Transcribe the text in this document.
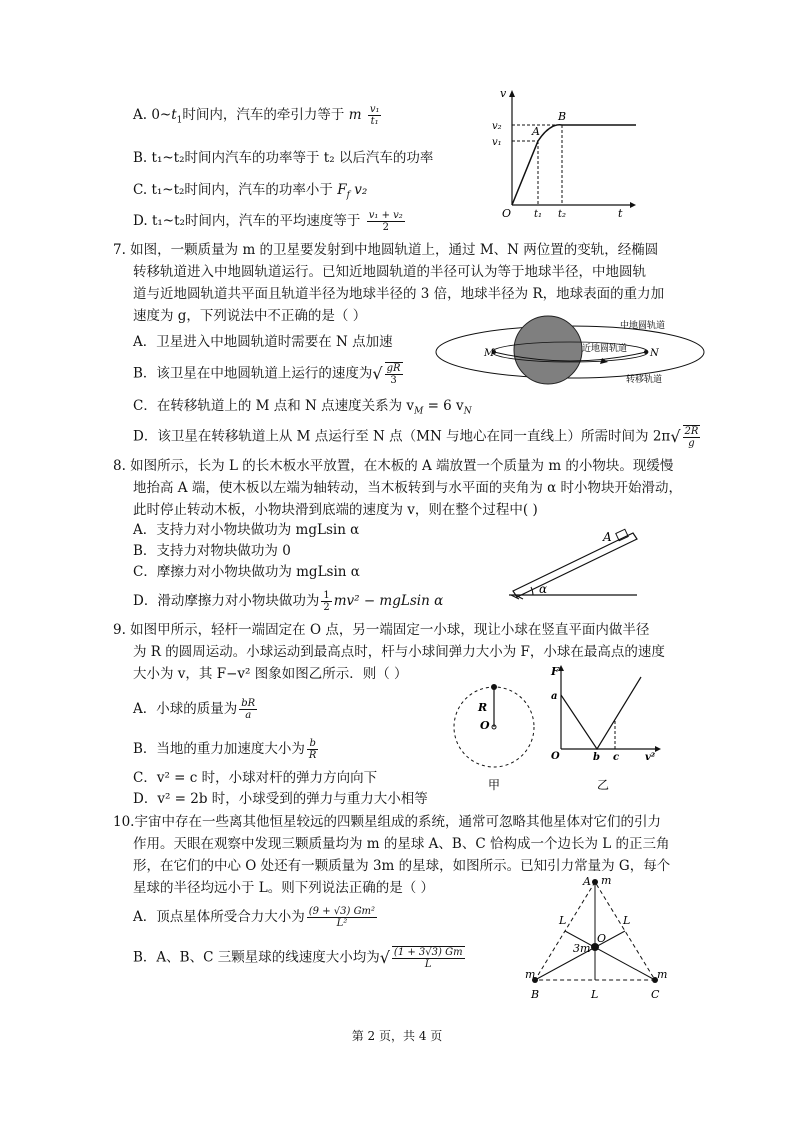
A. $0\sim t_1$时间内，汽车的牵引力等于 m $\frac{\text{v₁}}{\text{t₁}}$
B. t₁~t₂时间内汽车的功率等于 t₂ 以后汽车的功率
C. t₁~t₂时间内，汽车的功率小于 $F_f$ v₂
D. t₁~t₂时间内，汽车的平均速度等于 $\frac{\text{v₁ + v₂}}{2}$
v
v₂
v₁
A
B
O t₁ t₂	t
7. 如图，一颗质量为 m 的卫星要发射到中地圆轨道上，通过 M、N 两位置的变轨，经椭圆
转移轨道进入中地圆轨道运行。已知近地圆轨道的半径可认为等于地球半径，中地圆轨
道与近地圆轨道共平面且轨道半径为地球半径的 3 倍，地球半径为 R，地球表面的重力加
速度为 g，下列说法中不正确的是（ ）
A．卫星进入中地圆轨道时需要在 N 点加速
B．该卫星在中地圆轨道上运行的速度为√ $\frac{gR}{3}$
C．在转移轨道上的 M 点和 N 点速度关系为 $v_M = 6$ $v_N$
D．该卫星在转移轨道上从 M 点运行至 N 点（MN 与地心在同一直线上）所需时间为 $2\pi√ \frac{2R}{g}$
M	N
中地圆轨道
近地圆轨道
转移轨道
8. 如图所示，长为 L 的长木板水平放置，在木板的 A 端放置一个质量为 m 的小物块。现缓慢
地抬高 A 端，使木板以左端为轴转动，当木板转到与水平面的夹角为 α 时小物块开始滑动，
此时停止转动木板，小物块滑到底端的速度为 v，则在整个过程中( )
A．支持力对小物块做功为 mgLsin α
B．支持力对物块做功为 0
C．摩擦力对小物块做功为 mgLsin α
D．滑动摩擦力对小物块做功为 $\frac{1}{2} mv^2 - mgLsin$ α
A
α
9. 如图甲所示，轻杆一端固定在 O 点，另一端固定一小球，现让小球在竖直平面内做半径
为 R 的圆周运动。小球运动到最高点时，杆与小球间弹力大小为 F，小球在最高点的速度
大小为 v，其 F−v² 图象如图乙所示．则（ ）
A．小球的质量为 $\frac{bR}{a}$
B．当地的重力加速度大小为 $\frac{b}{R}$
C．v² = c 时，小球对杆的弹力方向向下
D．v² = 2b 时，小球受到的弹力与重力大小相等
R
O
甲
F
a
O	b c	v²
乙
10.宇宙中存在一些离其他恒星较远的四颗星组成的系统，通常可忽略其他星体对它们的引力
作用。天眼在观察中发现三颗质量均为 m 的星球 A、B、C 恰构成一个边长为 L 的正三角
形，在它们的中心 O 处还有一颗质量为 3m 的星球，如图所示。已知引力常量为 G，每个
星球的半径均远小于 L。则下列说法正确的是（ ）
A．顶点星体所受合力大小为 $\frac{\text{(9 + √3) Gm²}}{\text{L²}}$
B．A、B、C 三颗星球的线速度大小均为√ $\frac{(1 + 3√3) Gm}{L}$
A m
L	L
O
3m
m	m
B	L	C
第 2 页，共 4 页
